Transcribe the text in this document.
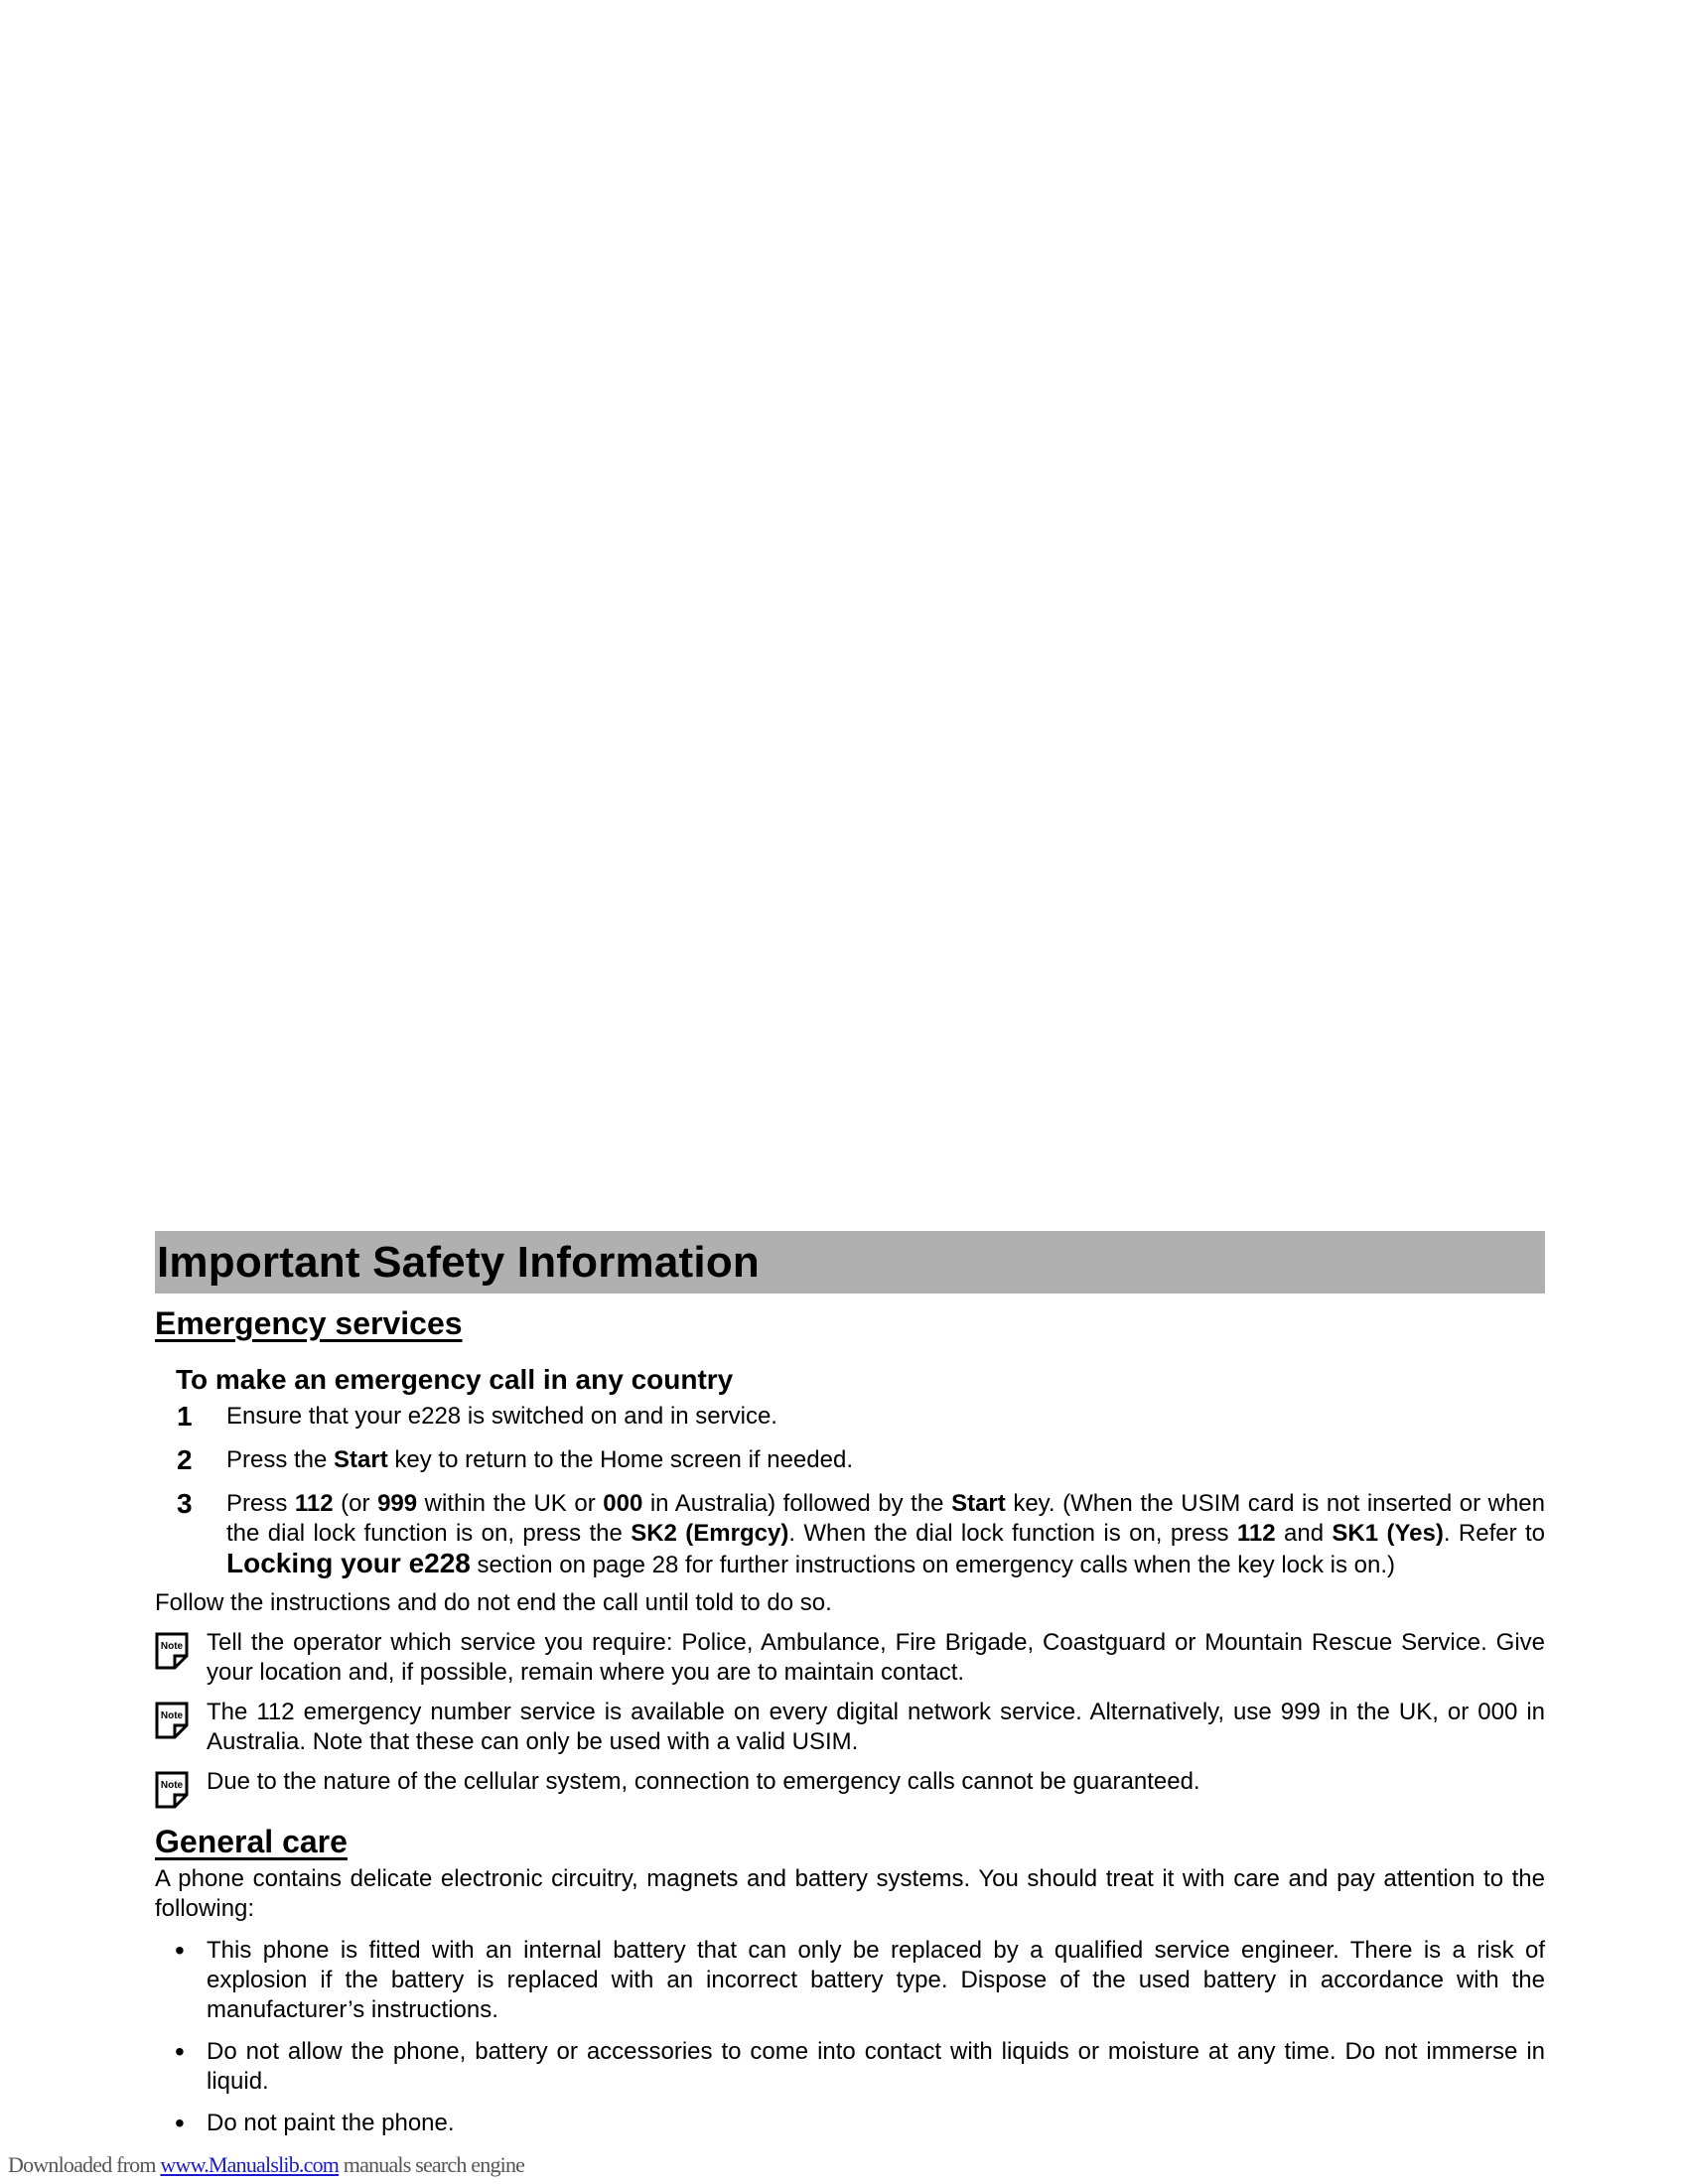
Important Safety Information
Emergency services
To make an emergency call in any country
1	Ensure that your e228 is switched on and in service.
2	Press the Start key to return to the Home screen if needed.
3	Press 112 (or 999 within the UK or 000 in Australia) followed by the Start key. (When the USIM card is not inserted or when the dial lock function is on, press the SK2 (Emrgcy). When the dial lock function is on, press 112 and SK1 (Yes). Refer to Locking your e228 section on page 28 for further instructions on emergency calls when the key lock is on.)

Follow the instructions and do not end the call until told to do so.

Note Tell the operator which service you require: Police, Ambulance, Fire Brigade, Coastguard or Mountain Rescue Service. Give your location and, if possible, remain where you are to maintain contact.

Note The 112 emergency number service is available on every digital network service. Alternatively, use 999 in the UK, or 000 in Australia. Note that these can only be used with a valid USIM.

Note Due to the nature of the cellular system, connection to emergency calls cannot be guaranteed.

General care

A phone contains delicate electronic circuitry, magnets and battery systems. You should treat it with care and pay attention to the following:

• This phone is fitted with an internal battery that can only be replaced by a qualified service engineer. There is a risk of explosion if the battery is replaced with an incorrect battery type. Dispose of the used battery in accordance with the manufacturer’s instructions.

• Do not allow the phone, battery or accessories to come into contact with liquids or moisture at any time. Do not immerse in liquid.

• Do not paint the phone.

Downloaded from www.Manualslib.com manuals search engine
